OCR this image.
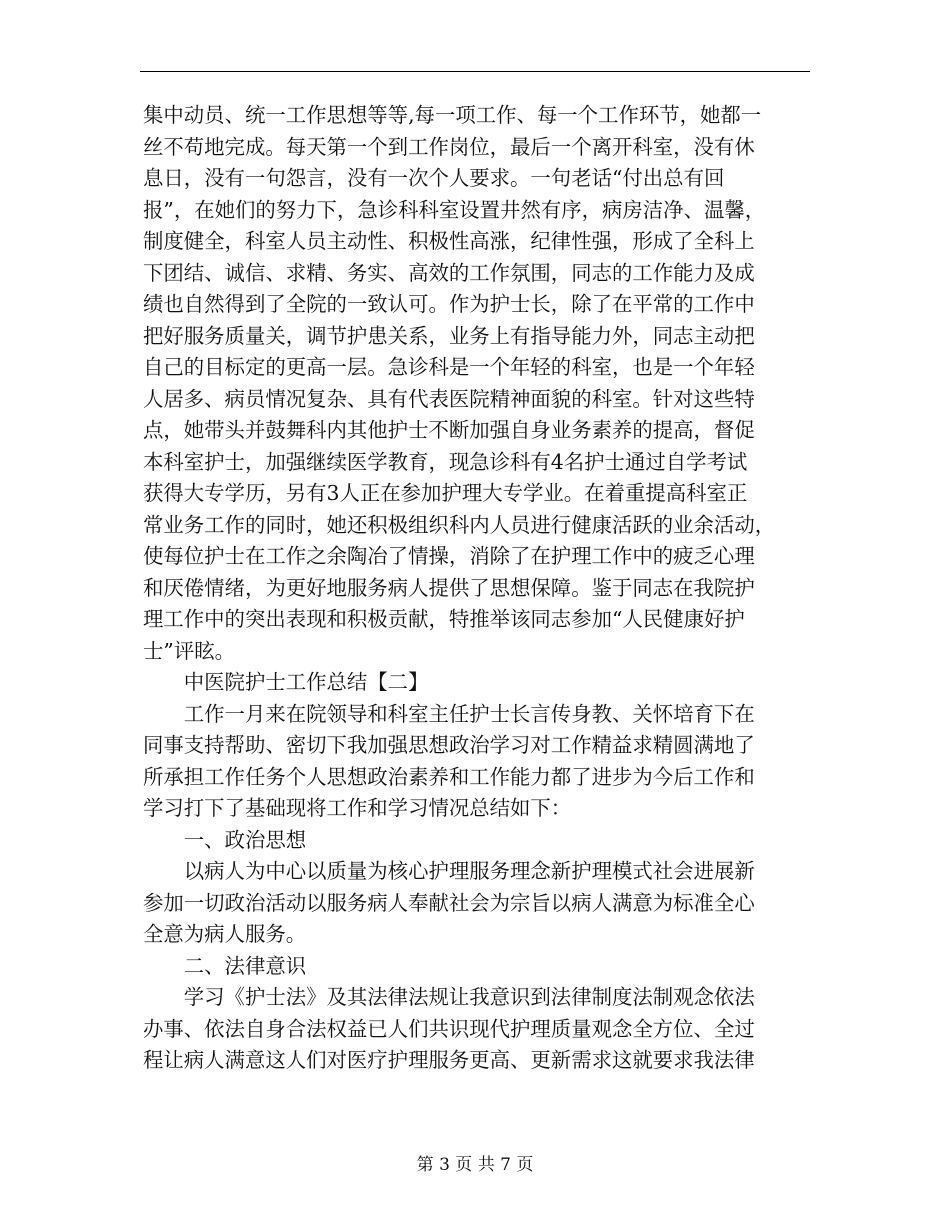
集中动员、统一工作思想等等,每一项工作、每一个工作环节，她都一
丝不苟地完成。每天第一个到工作岗位，最后一个离开科室，没有休
息日，没有一句怨言，没有一次个人要求。一句老话“付出总有回
报”，在她们的努力下，急诊科科室设置井然有序，病房洁净、温馨，
制度健全，科室人员主动性、积极性高涨，纪律性强，形成了全科上
下团结、诚信、求精、务实、高效的工作氛围，同志的工作能力及成
绩也自然得到了全院的一致认可。作为护士长，除了在平常的工作中
把好服务质量关，调节护患关系，业务上有指导能力外，同志主动把
自己的目标定的更高一层。急诊科是一个年轻的科室，也是一个年轻
人居多、病员情况复杂、具有代表医院精神面貌的科室。针对这些特
点，她带头并鼓舞科内其他护士不断加强自身业务素养的提高，督促
本科室护士，加强继续医学教育，现急诊科有4名护士通过自学考试
获得大专学历，另有3人正在参加护理大专学业。在着重提高科室正
常业务工作的同时，她还积极组织科内人员进行健康活跃的业余活动，
使每位护士在工作之余陶冶了情操，消除了在护理工作中的疲乏心理
和厌倦情绪，为更好地服务病人提供了思想保障。鉴于同志在我院护
理工作中的突出表现和积极贡献，特推举该同志参加“人民健康好护
士”评眩。
　　中医院护士工作总结【二】
　　工作一月来在院领导和科室主任护士长言传身教、关怀培育下在
同事支持帮助、密切下我加强思想政治学习对工作精益求精圆满地了
所承担工作任务个人思想政治素养和工作能力都了进步为今后工作和
学习打下了基础现将工作和学习情况总结如下：
　　一、政治思想
　　以病人为中心以质量为核心护理服务理念新护理模式社会进展新
参加一切政治活动以服务病人奉献社会为宗旨以病人满意为标准全心
全意为病人服务。
　　二、法律意识
　　学习《护士法》及其法律法规让我意识到法律制度法制观念依法
办事、依法自身合法权益已人们共识现代护理质量观念全方位、全过
程让病人满意这人们对医疗护理服务更高、更新需求这就要求我法律
第 3 页 共 7 页
